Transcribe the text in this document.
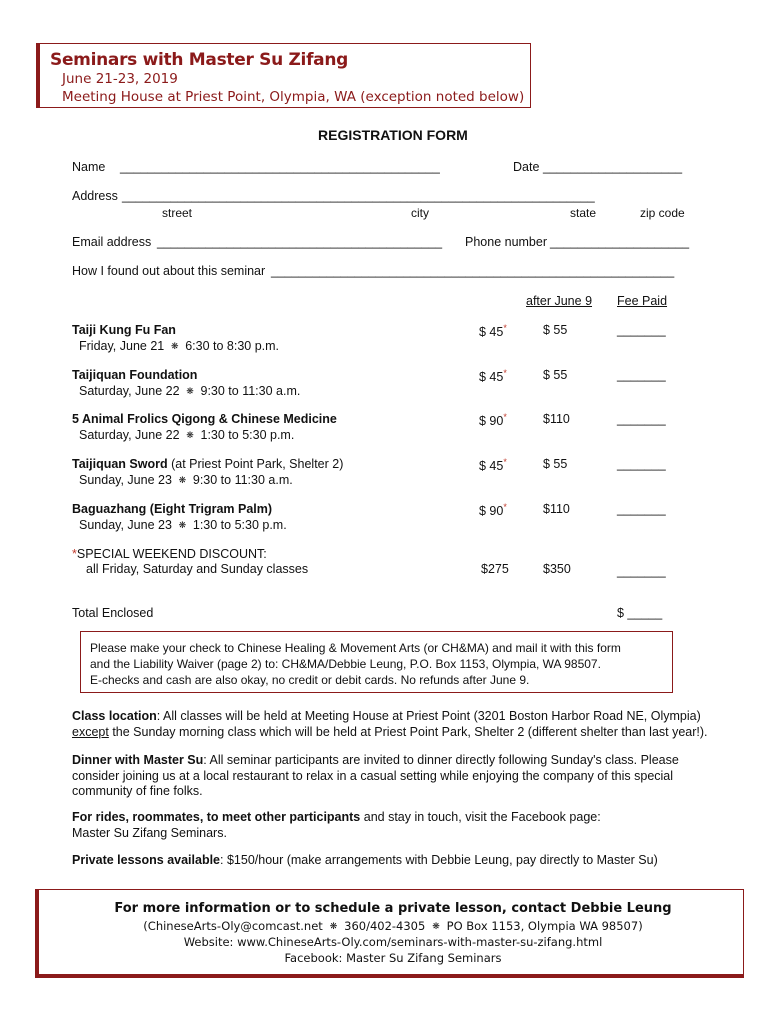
Seminars with Master Su Zifang
June 21-23, 2019
Meeting House at Priest Point, Olympia, WA (exception noted below)
REGISTRATION FORM
Name ______________________________________________	Date ____________________
Address ____________________________________________________________________
street	city	state	zip code
Email address _________________________________________ Phone number ____________________
How I found out about this seminar __________________________________________________________
after June 9 Fee Paid
Taiji Kung Fu Fan
Friday, June 21 ❋ 6:30 to 8:30 p.m.
$ 45*	$ 55	_______
Taijiquan Foundation
Saturday, June 22 ❋ 9:30 to 11:30 a.m.
$ 45*	$ 55	_______
5 Animal Frolics Qigong & Chinese Medicine
Saturday, June 22 ❋ 1:30 to 5:30 p.m.
$ 90*	$110	_______
Taijiquan Sword (at Priest Point Park, Shelter 2)
Sunday, June 23 ❋ 9:30 to 11:30 a.m.
$ 45*	$ 55	_______
Baguazhang (Eight Trigram Palm)
Sunday, June 23 ❋ 1:30 to 5:30 p.m.
$ 90*	$110	_______
*SPECIAL WEEKEND DISCOUNT:
all Friday, Saturday and Sunday classes	$275	$350	_______
Total Enclosed	$ _____
Please make your check to Chinese Healing & Movement Arts (or CH&MA) and mail it with this form
and the Liability Waiver (page 2) to: CH&MA/Debbie Leung, P.O. Box 1153, Olympia, WA 98507.
E-checks and cash are also okay, no credit or debit cards. No refunds after June 9.
Class location: All classes will be held at Meeting House at Priest Point (3201 Boston Harbor Road NE, Olympia)
except the Sunday morning class which will be held at Priest Point Park, Shelter 2 (different shelter than last year!).
Dinner with Master Su: All seminar participants are invited to dinner directly following Sunday's class. Please consider joining us at a local restaurant to relax in a casual setting while enjoying the company of this special community of fine folks.
For rides, roommates, to meet other participants and stay in touch, visit the Facebook page:
Master Su Zifang Seminars.
Private lessons available: $150/hour (make arrangements with Debbie Leung, pay directly to Master Su)
For more information or to schedule a private lesson, contact Debbie Leung
(ChineseArts-Oly@comcast.net ❋ 360/402-4305 ❋ PO Box 1153, Olympia WA 98507)
Website: www.ChineseArts-Oly.com/seminars-with-master-su-zifang.html
Facebook: Master Su Zifang Seminars
